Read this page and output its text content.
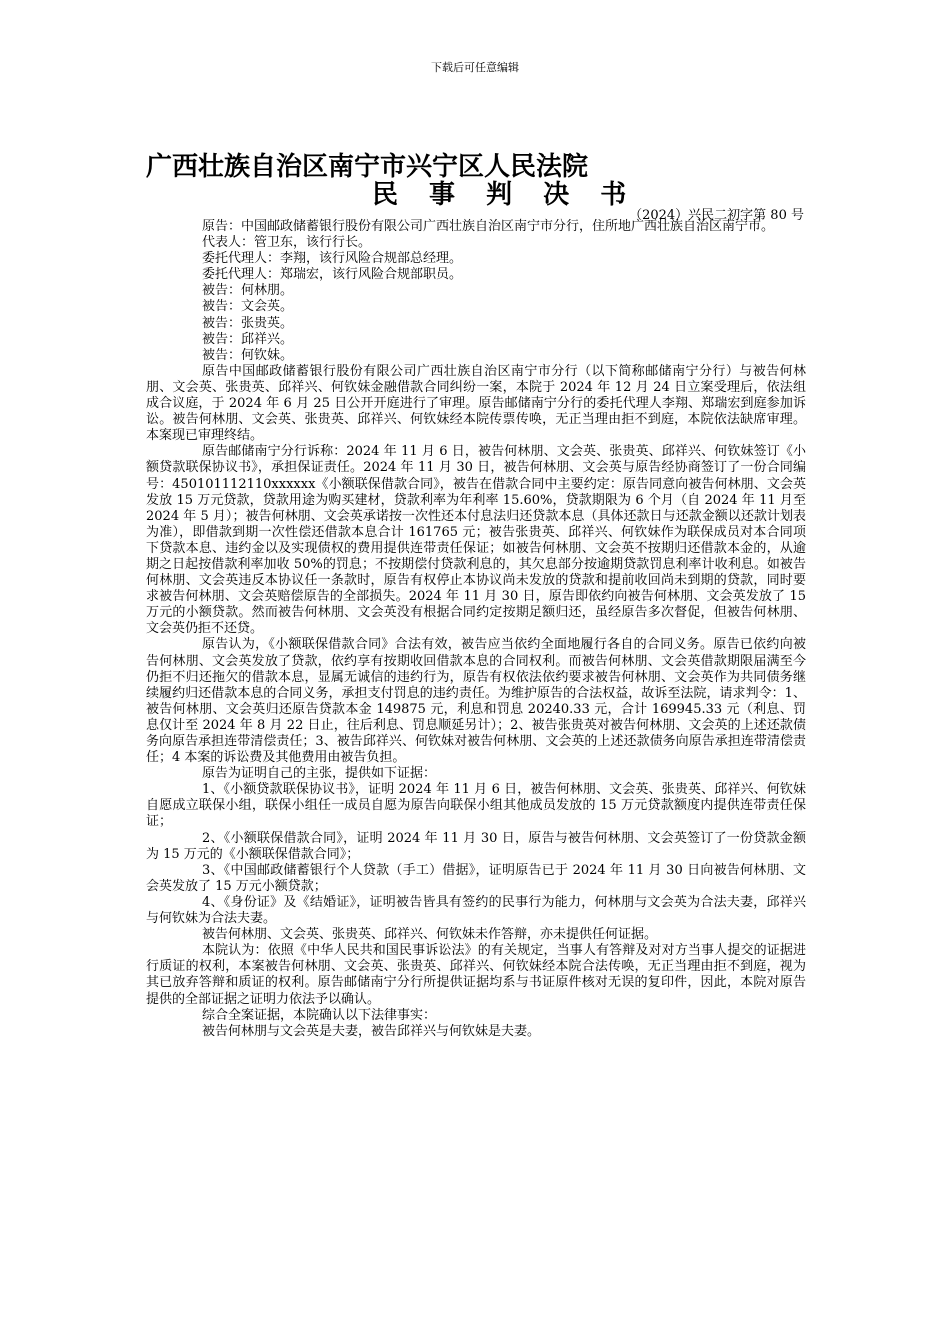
下载后可任意编辑
广西壮族自治区南宁市兴宁区人民法院
民 事 判 决 书
（2024）兴民二初字第 80 号

原告：中国邮政储蓄银行股份有限公司广西壮族自治区南宁市分行，住所地广西壮族自治区南宁市。

代表人：管卫东，该行行长。

委托代理人：李翔，该行风险合规部总经理。

委托代理人：郑瑞宏，该行风险合规部职员。

被告：何林朋。

被告：文会英。

被告：张贵英。

被告：邱祥兴。

被告：何钦妹。

原告中国邮政储蓄银行股份有限公司广西壮族自治区南宁市分行（以下简称邮储南宁分行）与被告何林朋、文会英、张贵英、邱祥兴、何钦妹金融借款合同纠纷一案，本院于 2024 年 12 月 24 日立案受理后，依法组成合议庭，于 2024 年 6 月 25 日公开开庭进行了审理。原告邮储南宁分行的委托代理人李翔、郑瑞宏到庭参加诉讼。被告何林朋、文会英、张贵英、邱祥兴、何钦妹经本院传票传唤，无正当理由拒不到庭，本院依法缺席审理。本案现已审理终结。

原告邮储南宁分行诉称：2024 年 11 月 6 日，被告何林朋、文会英、张贵英、邱祥兴、何钦妹签订《小额贷款联保协议书》，承担保证责任。2024 年 11 月 30 日，被告何林朋、文会英与原告经协商签订了一份合同编号：450101112110xxxxxx《小额联保借款合同》，被告在借款合同中主要约定：原告同意向被告何林朋、文会英发放 15 万元贷款，贷款用途为购买建材，贷款利率为年利率 15.60%，贷款期限为 6 个月（自 2024 年 11 月至 2024 年 5 月）；被告何林朋、文会英承诺按一次性还本付息法归还贷款本息（具体还款日与还款金额以还款计划表为准），即借款到期一次性偿还借款本息合计 161765 元；被告张贵英、邱祥兴、何钦妹作为联保成员对本合同项下贷款本息、违约金以及实现债权的费用提供连带责任保证；如被告何林朋、文会英不按期归还借款本金的，从逾期之日起按借款利率加收 50%的罚息；不按期偿付贷款利息的，其欠息部分按逾期贷款罚息利率计收利息。如被告何林朋、文会英违反本协议任一条款时，原告有权停止本协议尚未发放的贷款和提前收回尚未到期的贷款，同时要求被告何林朋、文会英赔偿原告的全部损失。2024 年 11 月 30 日，原告即依约向被告何林朋、文会英发放了 15 万元的小额贷款。然而被告何林朋、文会英没有根据合同约定按期足额归还，虽经原告多次督促，但被告何林朋、文会英仍拒不还贷。

原告认为，《小额联保借款合同》合法有效，被告应当依约全面地履行各自的合同义务。原告已依约向被告何林朋、文会英发放了贷款，依约享有按期收回借款本息的合同权利。而被告何林朋、文会英借款期限届满至今仍拒不归还拖欠的借款本息，显属无诚信的违约行为，原告有权依法依约要求被告何林朋、文会英作为共同债务继续履约归还借款本息的合同义务，承担支付罚息的违约责任。为维护原告的合法权益，故诉至法院，请求判令：1、被告何林朋、文会英归还原告贷款本金 149875 元，利息和罚息 20240.33 元，合计 169945.33 元（利息、罚息仅计至 2024 年 8 月 22 日止，往后利息、罚息顺延另计）；2、被告张贵英对被告何林朋、文会英的上述还款债务向原告承担连带清偿责任；3、被告邱祥兴、何钦妹对被告何林朋、文会英的上述还款债务向原告承担连带清偿责任；4 本案的诉讼费及其他费用由被告负担。

原告为证明自己的主张，提供如下证据：

1、《小额贷款联保协议书》，证明 2024 年 11 月 6 日，被告何林朋、文会英、张贵英、邱祥兴、何钦妹自愿成立联保小组，联保小组任一成员自愿为原告向联保小组其他成员发放的 15 万元贷款额度内提供连带责任保证；

2、《小额联保借款合同》，证明 2024 年 11 月 30 日，原告与被告何林朋、文会英签订了一份贷款金额为 15 万元的《小额联保借款合同》；

3、《中国邮政储蓄银行个人贷款（手工）借据》，证明原告已于 2024 年 11 月 30 日向被告何林朋、文会英发放了 15 万元小额贷款；

4、《身份证》及《结婚证》，证明被告皆具有签约的民事行为能力，何林朋与文会英为合法夫妻，邱祥兴与何钦妹为合法夫妻。

被告何林朋、文会英、张贵英、邱祥兴、何钦妹未作答辩，亦未提供任何证据。

本院认为：依照《中华人民共和国民事诉讼法》的有关规定，当事人有答辩及对对方当事人提交的证据进行质证的权利，本案被告何林朋、文会英、张贵英、邱祥兴、何钦妹经本院合法传唤，无正当理由拒不到庭，视为其已放弃答辩和质证的权利。原告邮储南宁分行所提供证据均系与书证原件核对无误的复印件，因此，本院对原告提供的全部证据之证明力依法予以确认。

综合全案证据，本院确认以下法律事实：

被告何林朋与文会英是夫妻，被告邱祥兴与何钦妹是夫妻。
